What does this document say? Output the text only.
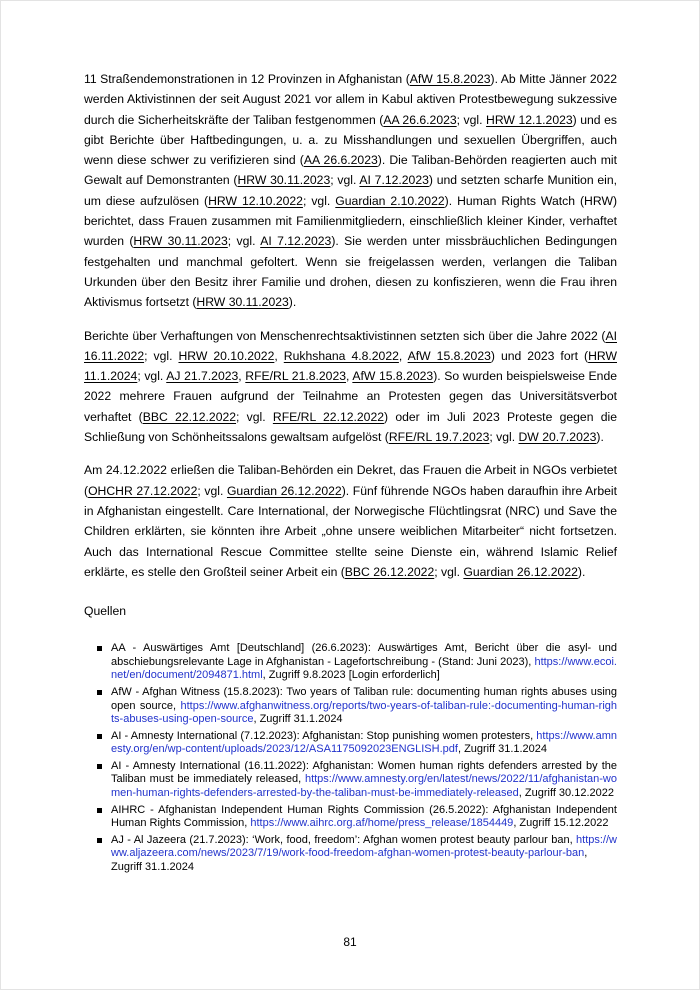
11 Straßendemonstrationen in 12 Provinzen in Afghanistan (AfW 15.8.2023). Ab Mitte Jänner 2022 werden Aktivistinnen der seit August 2021 vor allem in Kabul aktiven Protestbewegung sukzessive durch die Sicherheitskräfte der Taliban festgenommen (AA 26.6.2023; vgl. HRW 12.1.2023) und es gibt Berichte über Haftbedingungen, u. a. zu Misshandlungen und sexuellen Übergriffen, auch wenn diese schwer zu verifizieren sind (AA 26.6.2023). Die Taliban-Behörden reagierten auch mit Gewalt auf Demonstranten (HRW 30.11.2023; vgl. AI 7.12.2023) und setzten scharfe Munition ein, um diese aufzulösen (HRW 12.10.2022; vgl. Guardian 2.10.2022). Human Rights Watch (HRW) berichtet, dass Frauen zusammen mit Familienmitgliedern, einschließlich kleiner Kinder, verhaftet wurden (HRW 30.11.2023; vgl. AI 7.12.2023). Sie werden unter missbräuchlichen Bedingungen festgehalten und manchmal gefoltert. Wenn sie freigelassen werden, verlangen die Taliban Urkunden über den Besitz ihrer Familie und drohen, diesen zu konfiszieren, wenn die Frau ihren Aktivismus fortsetzt (HRW 30.11.2023).

Berichte über Verhaftungen von Menschenrechtsaktivistinnen setzten sich über die Jahre 2022 (AI 16.11.2022; vgl. HRW 20.10.2022, Rukhshana 4.8.2022, AfW 15.8.2023) und 2023 fort (HRW 11.1.2024; vgl. AJ 21.7.2023, RFE/RL 21.8.2023, AfW 15.8.2023). So wurden beispielsweise Ende 2022 mehrere Frauen aufgrund der Teilnahme an Protesten gegen das Universitätsverbot verhaftet (BBC 22.12.2022; vgl. RFE/RL 22.12.2022) oder im Juli 2023 Proteste gegen die Schließung von Schönheitssalons gewaltsam aufgelöst (RFE/RL 19.7.2023; vgl. DW 20.7.2023).

Am 24.12.2022 erließen die Taliban-Behörden ein Dekret, das Frauen die Arbeit in NGOs verbietet (OHCHR 27.12.2022; vgl. Guardian 26.12.2022). Fünf führende NGOs haben daraufhin ihre Arbeit in Afghanistan eingestellt. Care International, der Norwegische Flüchtlingsrat (NRC) und Save the Children erklärten, sie könnten ihre Arbeit „ohne unsere weiblichen Mitarbeiter“ nicht fortsetzen. Auch das International Rescue Committee stellte seine Dienste ein, während Islamic Relief erklärte, es stelle den Großteil seiner Arbeit ein (BBC 26.12.2022; vgl. Guardian 26.12.2022).

Quellen
AA - Auswärtiges Amt [Deutschland] (26.6.2023): Auswärtiges Amt, Bericht über die asyl- und abschiebungsrelevante Lage in Afghanistan - Lagefortschreibung - (Stand: Juni 2023), https://www.ecoi.net/en/document/2094871.html, Zugriff 9.8.2023 [Login erforderlich]
AfW - Afghan Witness (15.8.2023): Two years of Taliban rule: documenting human rights abuses using open source, https://www.afghanwitness.org/reports/two-years-of-taliban-rule:-documenting-human-rights-abuses-using-open-source, Zugriff 31.1.2024
AI - Amnesty International (7.12.2023): Afghanistan: Stop punishing women protesters, https://www.amnesty.org/en/wp-content/uploads/2023/12/ASA1175092023ENGLISH.pdf, Zugriff 31.1.2024
AI - Amnesty International (16.11.2022): Afghanistan: Women human rights defenders arrested by the Taliban must be immediately released, https://www.amnesty.org/en/latest/news/2022/11/afghanistan-women-human-rights-defenders-arrested-by-the-taliban-must-be-immediately-released, Zugriff 30.12.2022
AIHRC - Afghanistan Independent Human Rights Commission (26.5.2022): Afghanistan Independent Human Rights Commission, https://www.aihrc.org.af/home/press_release/1854449, Zugriff 15.12.2022
AJ - Al Jazeera (21.7.2023): ‘Work, food, freedom’: Afghan women protest beauty parlour ban, https://www.aljazeera.com/news/2023/7/19/work-food-freedom-afghan-women-protest-beauty-parlour-ban, Zugriff 31.1.2024
81
